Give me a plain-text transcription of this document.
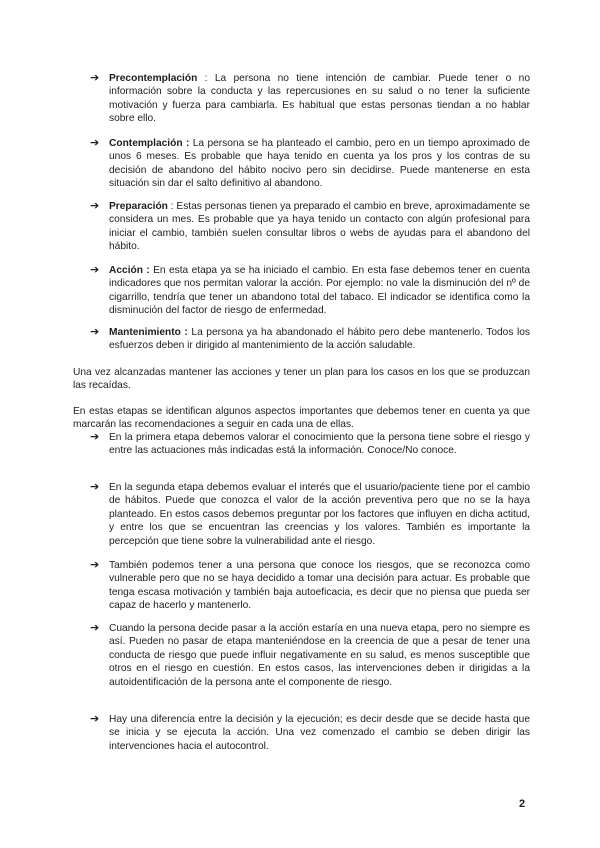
➔ Precontemplación : La persona no tiene intención de cambiar. Puede tener o no información sobre la conducta y las repercusiones en su salud o no tener la suficiente motivación y fuerza para cambiarla. Es habitual que estas personas tiendan a no hablar sobre ello.
➔ Contemplación : La persona se ha planteado el cambio, pero en un tiempo aproximado de unos 6 meses. Es probable que haya tenido en cuenta ya los pros y los contras de su decisión de abandono del hábito nocivo pero sin decidirse. Puede mantenerse en esta situación sin dar el salto definitivo al abandono.
➔ Preparación : Estas personas tienen ya preparado el cambio en breve, aproximadamente se considera un mes. Es probable que ya haya tenido un contacto con algún profesional para iniciar el cambio, también suelen consultar libros o webs de ayudas para el abandono del hábito.
➔ Acción : En esta etapa ya se ha iniciado el cambio. En esta fase debemos tener en cuenta indicadores que nos permitan valorar la acción. Por ejemplo: no vale la disminución del nº de cigarrillo, tendría que tener un abandono total del tabaco. El indicador se identifica como la disminución del factor de riesgo de enfermedad.
➔ Mantenimiento : La persona ya ha abandonado el hábito pero debe mantenerlo. Todos los esfuerzos deben ir dirigido al mantenimiento de la acción saludable.
Una vez alcanzadas mantener las acciones y tener un plan para los casos en los que se produzcan las recaídas.
En estas etapas se identifican algunos aspectos importantes que debemos tener en cuenta ya que marcarán las recomendaciones a seguir en cada una de ellas.
➔ En la primera etapa debemos valorar el conocimiento que la persona tiene sobre el riesgo y entre las actuaciones más indicadas está la información. Conoce/No conoce.
➔ En la segunda etapa debemos evaluar el interés que el usuario/paciente tiene por el cambio de hábitos. Puede que conozca el valor de la acción preventiva pero que no se la haya planteado. En estos casos debemos preguntar por los factores que influyen en dicha actitud, y entre los que se encuentran las creencias y los valores. También es importante la percepción que tiene sobre la vulnerabilidad ante el riesgo.
➔ También podemos tener a una persona que conoce los riesgos, que se reconozca como vulnerable pero que no se haya decidido a tomar una decisión para actuar. Es probable que tenga escasa motivación y también baja autoeficacia, es decir que no piensa que pueda ser capaz de hacerlo y mantenerlo.
➔ Cuando la persona decide pasar a la acción estaría en una nueva etapa, pero no siempre es así. Pueden no pasar de etapa manteniéndose en la creencia de que a pesar de tener una conducta de riesgo que puede influir negativamente en su salud, es menos susceptible que otros en el riesgo en cuestión. En estos casos, las intervenciones deben ir dirigidas a la autoidentificación de la persona ante el componente de riesgo.
➔ Hay una diferencia entre la decisión y la ejecución; es decir desde que se decide hasta que se inicia y se ejecuta la acción. Una vez comenzado el cambio se deben dirigir las intervenciones hacia el autocontrol.
2
